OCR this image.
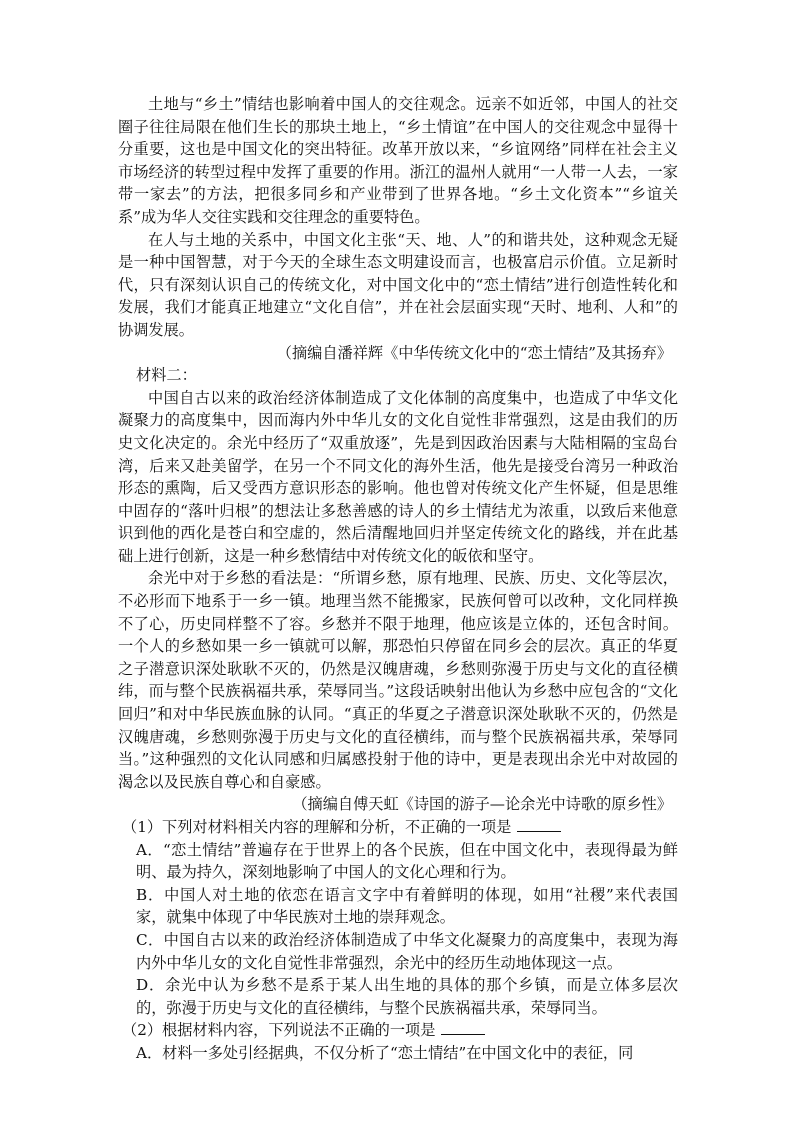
土地与“乡土”情结也影响着中国人的交往观念。远亲不如近邻，中国人的社交圈子往往局限在他们生长的那块土地上，“乡土情谊”在中国人的交往观念中显得十分重要，这也是中国文化的突出特征。改革开放以来，“乡谊网络”同样在社会主义市场经济的转型过程中发挥了重要的作用。浙江的温州人就用“一人带一人去，一家带一家去”的方法，把很多同乡和产业带到了世界各地。“乡土文化资本”“乡谊关系”成为华人交往实践和交往理念的重要特色。

在人与土地的关系中，中国文化主张“天、地、人”的和谐共处，这种观念无疑是一种中国智慧，对于今天的全球生态文明建设而言，也极富启示价值。立足新时代，只有深刻认识自己的传统文化，对中国文化中的“恋土情结”进行创造性转化和发展，我们才能真正地建立“文化自信”，并在社会层面实现“天时、地利、人和”的协调发展。

（摘编自潘祥辉《中华传统文化中的“恋土情结”及其扬弃》

材料二：

中国自古以来的政治经济体制造成了文化体制的高度集中，也造成了中华文化凝聚力的高度集中，因而海内外中华儿女的文化自觉性非常强烈，这是由我们的历史文化决定的。余光中经历了“双重放逐”，先是到因政治因素与大陆相隔的宝岛台湾，后来又赴美留学，在另一个不同文化的海外生活，他先是接受台湾另一种政治形态的熏陶，后又受西方意识形态的影响。他也曾对传统文化产生怀疑，但是思维中固存的“落叶归根”的想法让多愁善感的诗人的乡土情结尤为浓重，以致后来他意识到他的西化是苍白和空虚的，然后清醒地回归并坚定传统文化的路线，并在此基础上进行创新，这是一种乡愁情结中对传统文化的皈依和坚守。

余光中对于乡愁的看法是：“所谓乡愁，原有地理、民族、历史、文化等层次，不必形而下地系于一乡一镇。地理当然不能搬家，民族何曾可以改种，文化同样换不了心，历史同样整不了容。乡愁并不限于地理，他应该是立体的，还包含时间。一个人的乡愁如果一乡一镇就可以解，那恐怕只停留在同乡会的层次。真正的华夏之子潜意识深处耿耿不灭的，仍然是汉魄唐魂，乡愁则弥漫于历史与文化的直径横纬，而与整个民族祸福共承，荣辱同当。”这段话映射出他认为乡愁中应包含的“文化回归”和对中华民族血脉的认同。“真正的华夏之子潜意识深处耿耿不灭的，仍然是汉魄唐魂，乡愁则弥漫于历史与文化的直径横纬，而与整个民族祸福共承，荣辱同当。”这种强烈的文化认同感和归属感投射于他的诗中，更是表现出余光中对故园的渴念以及民族自尊心和自豪感。

（摘编自傅天虹《诗国的游子—论余光中诗歌的原乡性》

（1）下列对材料相关内容的理解和分析，不正确的一项是

A．“恋土情结”普遍存在于世界上的各个民族，但在中国文化中，表现得最为鲜明、最为持久，深刻地影响了中国人的文化心理和行为。

B．中国人对土地的依恋在语言文字中有着鲜明的体现，如用“社稷”来代表国家，就集中体现了中华民族对土地的崇拜观念。

C．中国自古以来的政治经济体制造成了中华文化凝聚力的高度集中，表现为海内外中华儿女的文化自觉性非常强烈，余光中的经历生动地体现这一点。

D．余光中认为乡愁不是系于某人出生地的具体的那个乡镇，而是立体多层次的，弥漫于历史与文化的直径横纬，与整个民族祸福共承，荣辱同当。

（2）根据材料内容，下列说法不正确的一项是

A．材料一多处引经据典，不仅分析了“恋土情结”在中国文化中的表征，同
